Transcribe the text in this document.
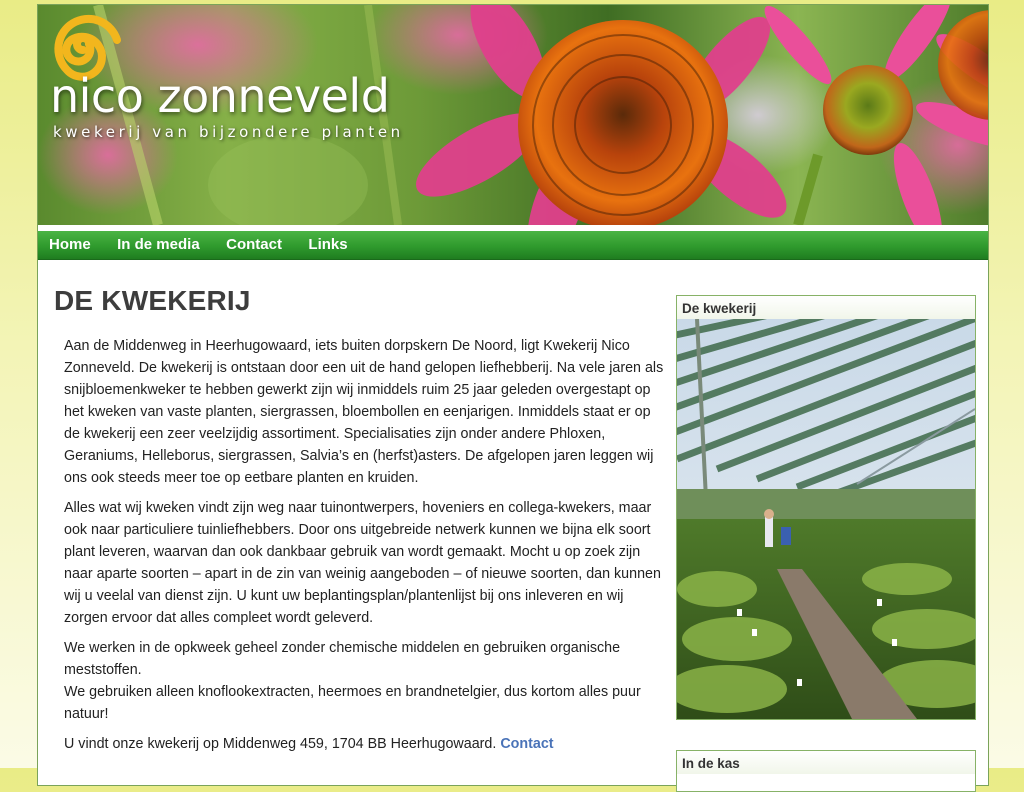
nico zonneveld
kwekerij van bijzondere planten
Home In de media Contact Links
DE KWEKERIJ

Aan de Middenweg in Heerhugowaard, iets buiten dorpskern De Noord, ligt Kwekerij Nico Zonneveld. De kwekerij is ontstaan door een uit de hand gelopen liefhebberij. Na vele jaren als snijbloemenkweker te hebben gewerkt zijn wij inmiddels ruim 25 jaar geleden overgestapt op het kweken van vaste planten, siergrassen, bloembollen en eenjarigen. Inmiddels staat er op de kwekerij een zeer veelzijdig assortiment. Specialisaties zijn onder andere Phloxen, Geraniums, Helleborus, siergrassen, Salvia’s en (herfst)asters. De afgelopen jaren leggen wij ons ook steeds meer toe op eetbare planten en kruiden.

Alles wat wij kweken vindt zijn weg naar tuinontwerpers, hoveniers en collega-kwekers, maar ook naar particuliere tuinliefhebbers. Door ons uitgebreide netwerk kunnen we bijna elk soort plant leveren, waarvan dan ook dankbaar gebruik van wordt gemaakt. Mocht u op zoek zijn naar aparte soorten – apart in de zin van weinig aangeboden – of nieuwe soorten, dan kunnen wij u veelal van dienst zijn. U kunt uw beplantingsplan/plantenlijst bij ons inleveren en wij zorgen ervoor dat alles compleet wordt geleverd.

We werken in de opkweek geheel zonder chemische middelen en gebruiken organische meststoffen.

We gebruiken alleen knoflookextracten, heermoes en brandnetelgier, dus kortom alles puur natuur!

U vindt onze kwekerij op Middenweg 459, 1704 BB Heerhugowaard. Contact

De kwekerij
In de kas
